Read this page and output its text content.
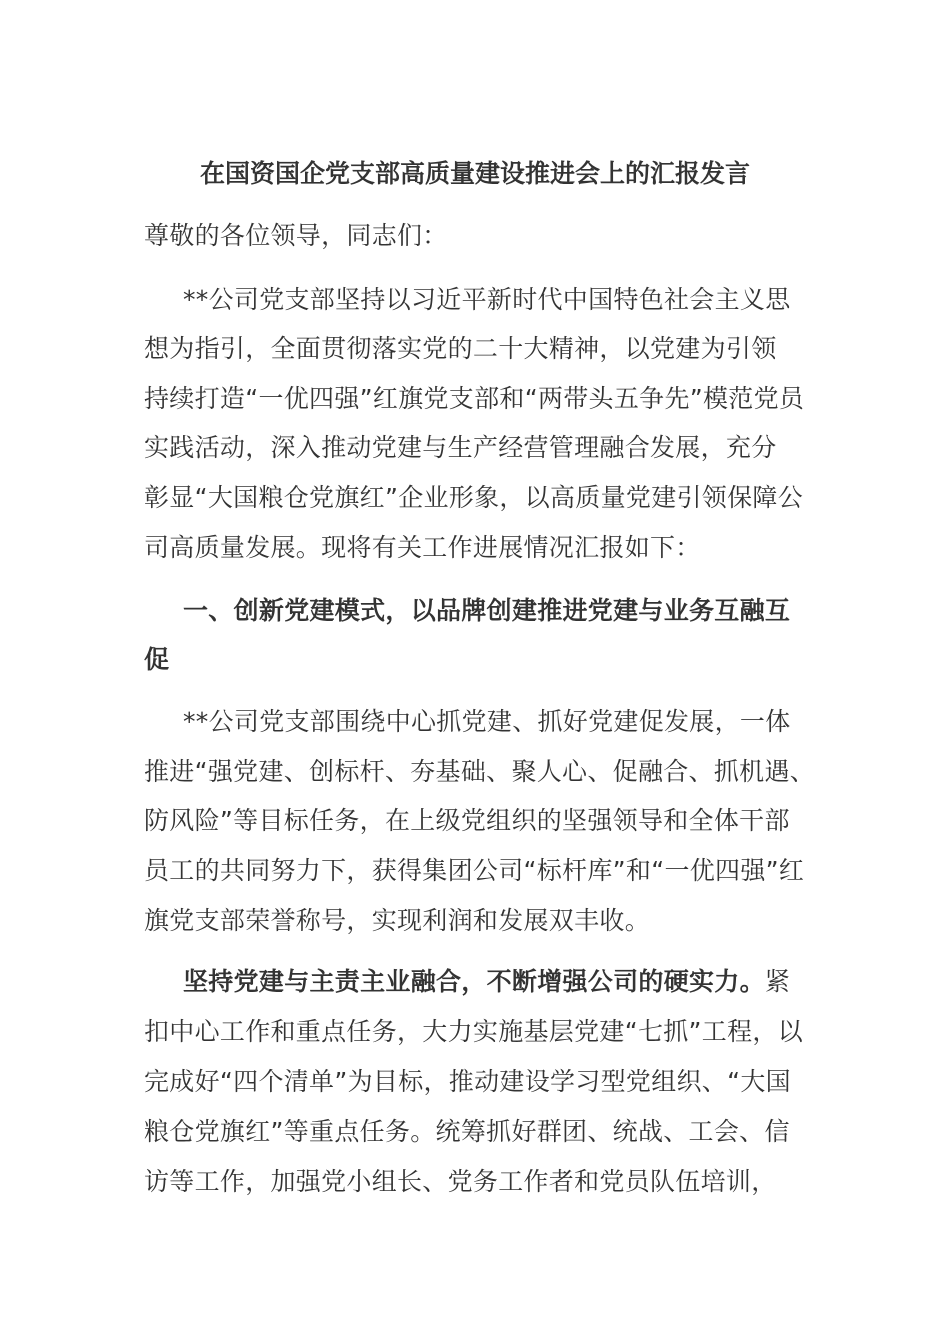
在国资国企党支部高质量建设推进会上的汇报发言
尊敬的各位领导，同志们：
**公司党支部坚持以习近平新时代中国特色社会主义思
想为指引，全面贯彻落实党的二十大精神，以党建为引领
持续打造“一优四强”红旗党支部和“两带头五争先”模范党员
实践活动，深入推动党建与生产经营管理融合发展，充分
彰显“大国粮仓党旗红”企业形象，以高质量党建引领保障公
司高质量发展。现将有关工作进展情况汇报如下：
一、创新党建模式，以品牌创建推进党建与业务互融互
促
**公司党支部围绕中心抓党建、抓好党建促发展，一体
推进“强党建、创标杆、夯基础、聚人心、促融合、抓机遇、
防风险”等目标任务，在上级党组织的坚强领导和全体干部
员工的共同努力下，获得集团公司“标杆库”和“一优四强”红
旗党支部荣誉称号，实现利润和发展双丰收。
坚持党建与主责主业融合，不断增强公司的硬实力。紧
扣中心工作和重点任务，大力实施基层党建“七抓”工程，以
完成好“四个清单”为目标，推动建设学习型党组织、“大国
粮仓党旗红”等重点任务。统筹抓好群团、统战、工会、信
访等工作，加强党小组长、党务工作者和党员队伍培训，
